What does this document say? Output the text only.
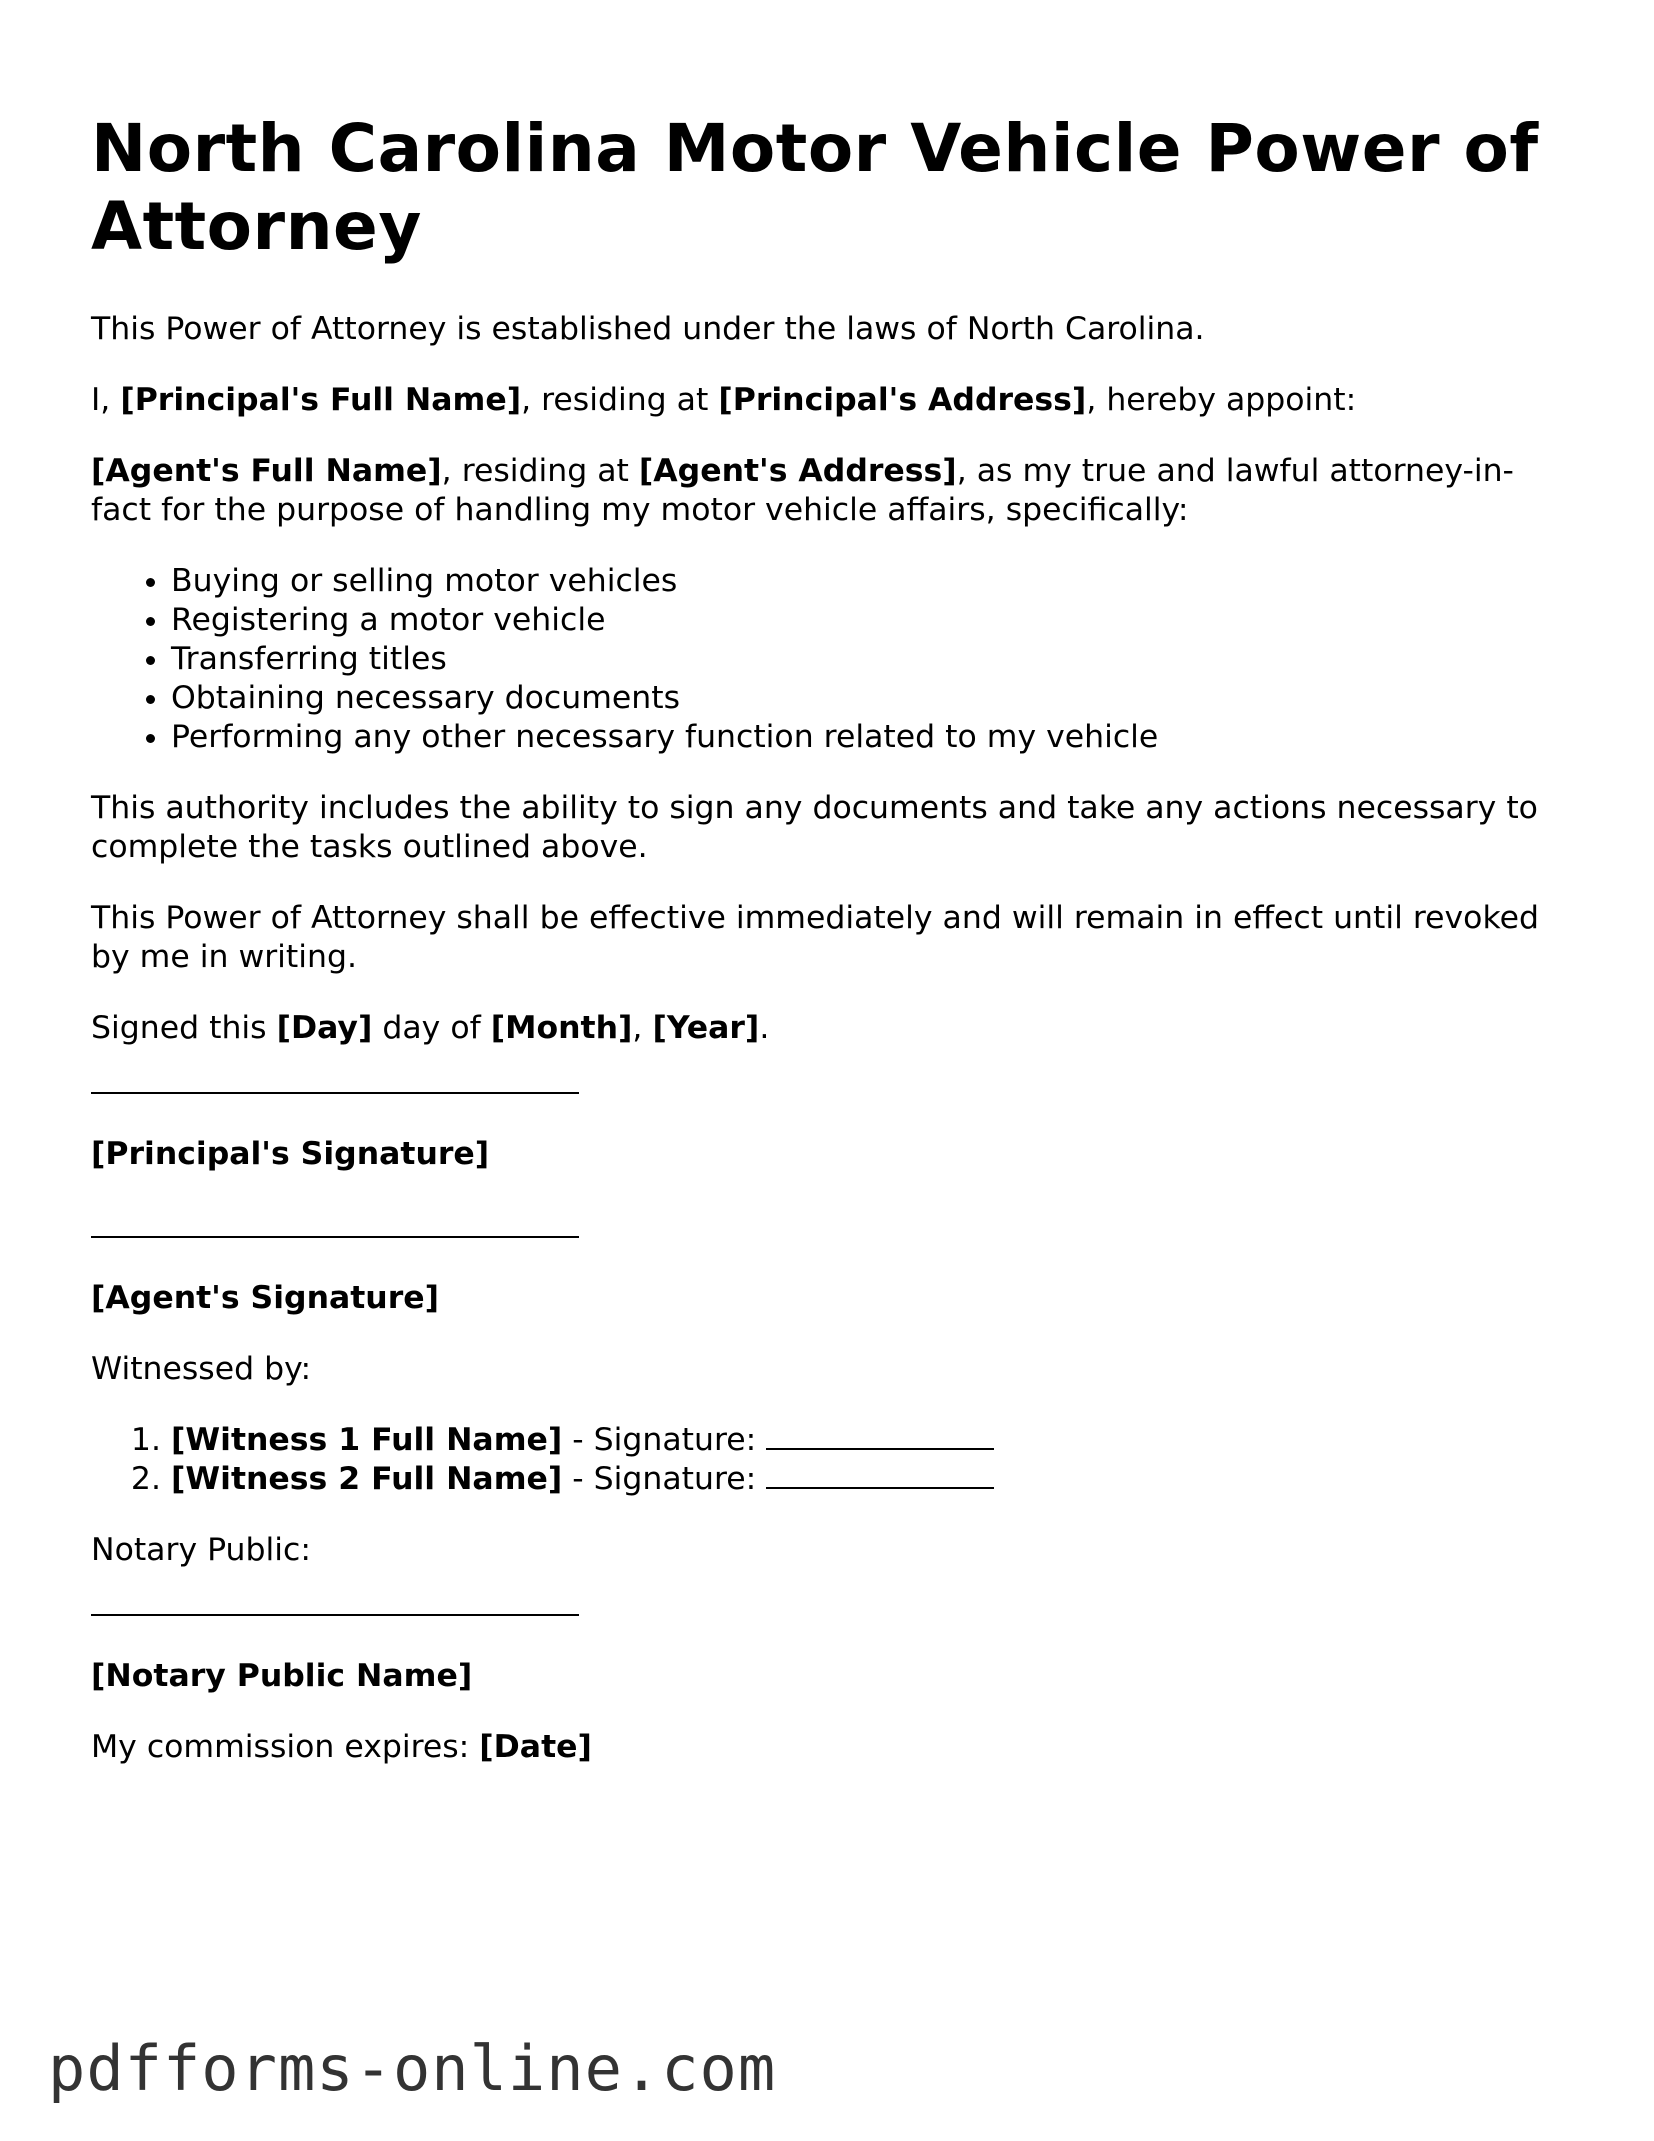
North Carolina Motor Vehicle Power of Attorney

This Power of Attorney is established under the laws of North Carolina.

I, [Principal's Full Name], residing at [Principal's Address], hereby appoint:

[Agent's Full Name], residing at [Agent's Address], as my true and lawful attorney-in-fact for the purpose of handling my motor vehicle affairs, specifically:

• Buying or selling motor vehicles
• Registering a motor vehicle
• Transferring titles
• Obtaining necessary documents
• Performing any other necessary function related to my vehicle

This authority includes the ability to sign any documents and take any actions necessary to complete the tasks outlined above.

This Power of Attorney shall be effective immediately and will remain in effect until revoked by me in writing.

Signed this [Day] day of [Month], [Year].

[Principal's Signature]
[Agent's Signature]

Witnessed by:

1. [Witness 1 Full Name] - Signature:
2. [Witness 2 Full Name] - Signature:

Notary Public:

[Notary Public Name]

My commission expires: [Date]

pdfforms-online.com
